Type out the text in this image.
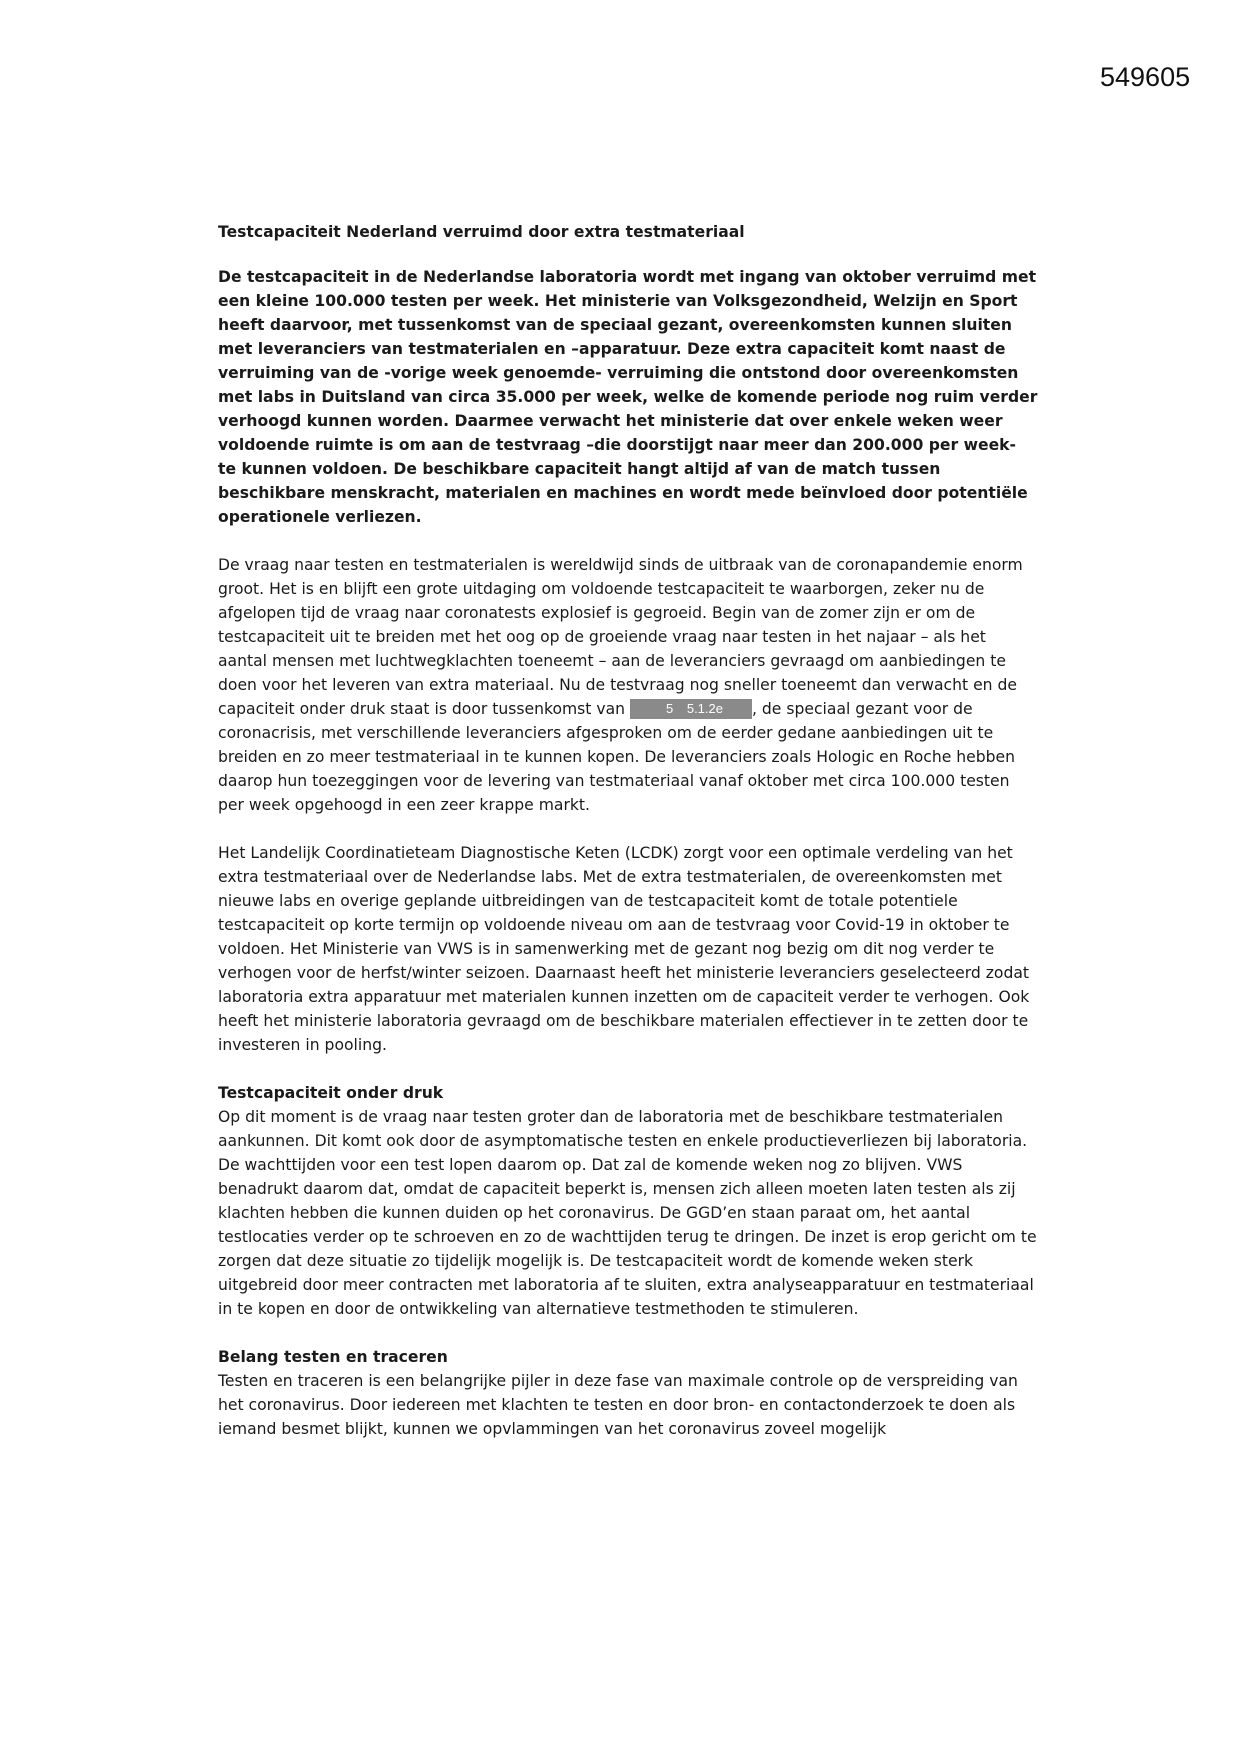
549605
Testcapaciteit Nederland verruimd door extra testmateriaal

De testcapaciteit in de Nederlandse laboratoria wordt met ingang van oktober verruimd met een kleine 100.000 testen per week. Het ministerie van Volksgezondheid, Welzijn en Sport heeft daarvoor, met tussenkomst van de speciaal gezant, overeenkomsten kunnen sluiten met leveranciers van testmaterialen en –apparatuur. Deze extra capaciteit komt naast de verruiming van de -vorige week genoemde- verruiming die ontstond door overeenkomsten met labs in Duitsland van circa 35.000 per week, welke de komende periode nog ruim verder verhoogd kunnen worden. Daarmee verwacht het ministerie dat over enkele weken weer voldoende ruimte is om aan de testvraag –die doorstijgt naar meer dan 200.000 per week- te kunnen voldoen. De beschikbare capaciteit hangt altijd af van de match tussen beschikbare menskracht, materialen en machines en wordt mede beïnvloed door potentiële operationele verliezen.

De vraag naar testen en testmaterialen is wereldwijd sinds de uitbraak van de coronapandemie enorm groot. Het is en blijft een grote uitdaging om voldoende testcapaciteit te waarborgen, zeker nu de afgelopen tijd de vraag naar coronatests explosief is gegroeid. Begin van de zomer zijn er om de testcapaciteit uit te breiden met het oog op de groeiende vraag naar testen in het najaar – als het aantal mensen met luchtwegklachten toeneemt – aan de leveranciers gevraagd om aanbiedingen te doen voor het leveren van extra materiaal. Nu de testvraag nog sneller toeneemt dan verwacht en de capaciteit onder druk staat is door tussenkomst van	5 5.1.2e , de speciaal gezant voor de coronacrisis, met verschillende leveranciers afgesproken om de eerder gedane aanbiedingen uit te breiden en zo meer testmateriaal in te kunnen kopen. De leveranciers zoals Hologic en Roche hebben daarop hun toezeggingen voor de levering van testmateriaal vanaf oktober met circa 100.000 testen per week opgehoogd in een zeer krappe markt.

Het Landelijk Coordinatieteam Diagnostische Keten (LCDK) zorgt voor een optimale verdeling van het extra testmateriaal over de Nederlandse labs. Met de extra testmaterialen, de overeenkomsten met nieuwe labs en overige geplande uitbreidingen van de testcapaciteit komt de totale potentiele testcapaciteit op korte termijn op voldoende niveau om aan de testvraag voor Covid-19 in oktober te voldoen. Het Ministerie van VWS is in samenwerking met de gezant nog bezig om dit nog verder te verhogen voor de herfst/winter seizoen. Daarnaast heeft het ministerie leveranciers geselecteerd zodat laboratoria extra apparatuur met materialen kunnen inzetten om de capaciteit verder te verhogen. Ook heeft het ministerie laboratoria gevraagd om de beschikbare materialen effectiever in te zetten door te investeren in pooling.

Testcapaciteit onder druk
Op dit moment is de vraag naar testen groter dan de laboratoria met de beschikbare testmaterialen aankunnen. Dit komt ook door de asymptomatische testen en enkele productieverliezen bij laboratoria. De wachttijden voor een test lopen daarom op. Dat zal de komende weken nog zo blijven. VWS benadrukt daarom dat, omdat de capaciteit beperkt is, mensen zich alleen moeten laten testen als zij klachten hebben die kunnen duiden op het coronavirus. De GGD’en staan paraat om, het aantal testlocaties verder op te schroeven en zo de wachttijden terug te dringen. De inzet is erop gericht om te zorgen dat deze situatie zo tijdelijk mogelijk is. De testcapaciteit wordt de komende weken sterk uitgebreid door meer contracten met laboratoria af te sluiten, extra analyseapparatuur en testmateriaal in te kopen en door de ontwikkeling van alternatieve testmethoden te stimuleren.
Belang testen en traceren
Testen en traceren is een belangrijke pijler in deze fase van maximale controle op de verspreiding van het coronavirus. Door iedereen met klachten te testen en door bron- en contactonderzoek te doen als iemand besmet blijkt, kunnen we opvlammingen van het coronavirus zoveel mogelijk
